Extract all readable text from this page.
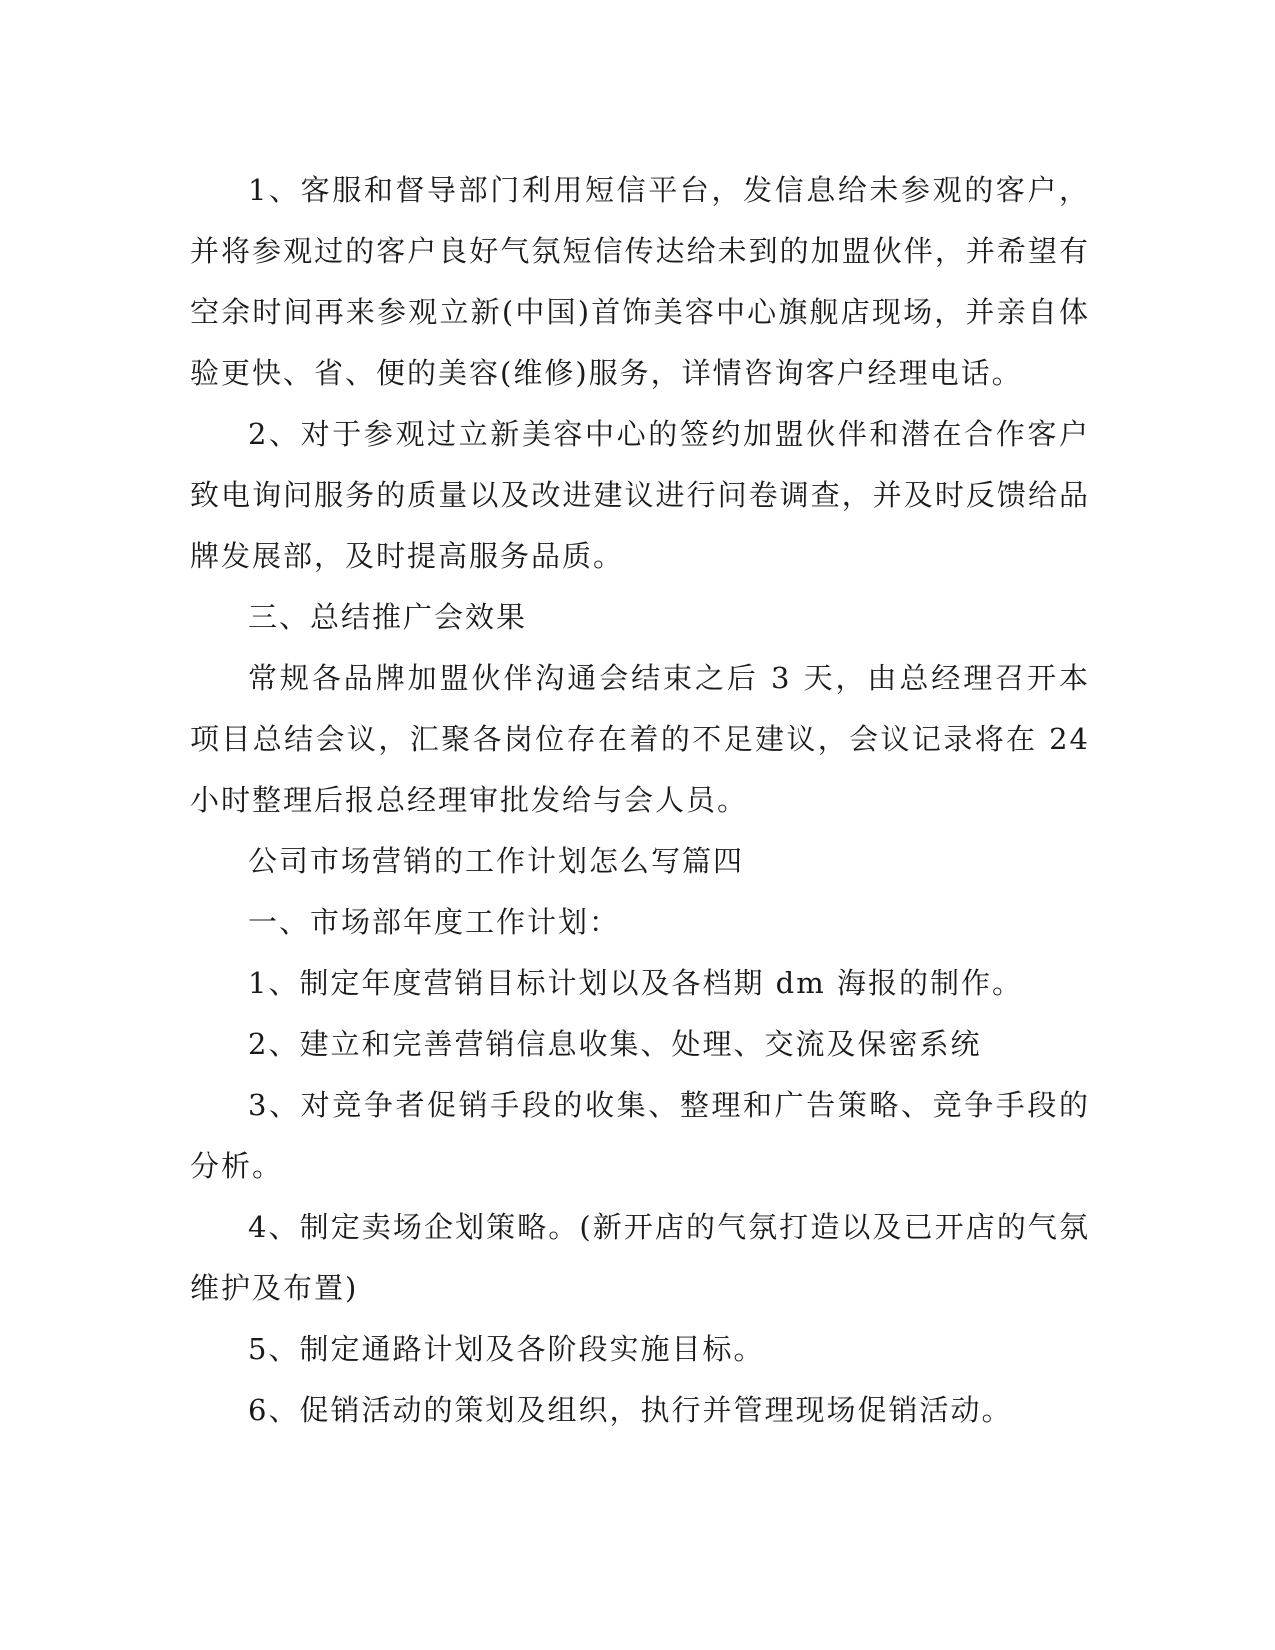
1、客服和督导部门利用短信平台，发信息给未参观的客户，并将参观过的客户良好气氛短信传达给未到的加盟伙伴，并希望有空余时间再来参观立新(中国)首饰美容中心旗舰店现场，并亲自体验更快、省、便的美容(维修)服务，详情咨询客户经理电话。

2、对于参观过立新美容中心的签约加盟伙伴和潜在合作客户致电询问服务的质量以及改进建议进行问卷调查，并及时反馈给品牌发展部，及时提高服务品质。

三、总结推广会效果

常规各品牌加盟伙伴沟通会结束之后 3 天，由总经理召开本项目总结会议，汇聚各岗位存在着的不足建议，会议记录将在 24 小时整理后报总经理审批发给与会人员。

公司市场营销的工作计划怎么写篇四

一、市场部年度工作计划：

1、制定年度营销目标计划以及各档期 dm 海报的制作。

2、建立和完善营销信息收集、处理、交流及保密系统

3、对竞争者促销手段的收集、整理和广告策略、竞争手段的分析。

4、制定卖场企划策略。(新开店的气氛打造以及已开店的气氛维护及布置)

5、制定通路计划及各阶段实施目标。

6、促销活动的策划及组织，执行并管理现场促销活动。
